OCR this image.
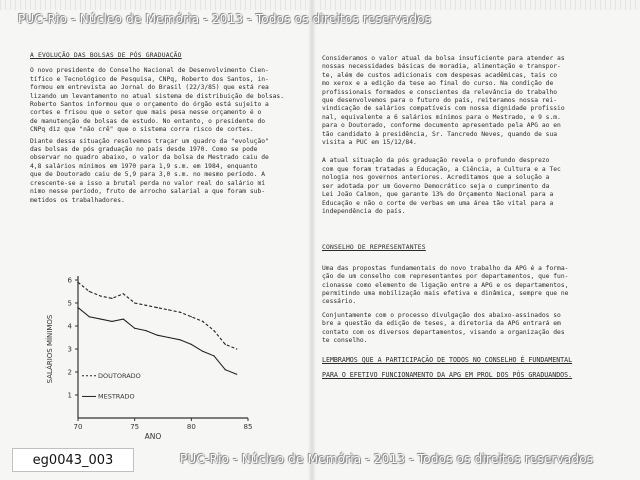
PUC-Rio - Núcleo de Memória - 2013 - Todos os direitos reservados

A EVOLUÇÃO DAS BOLSAS DE PÓS GRADUAÇÃO

O novo presidente do Conselho Nacional de Desenvolvimento Cien-

tífico e Tecnológico de Pesquisa, CNPq, Roberto dos Santos, in-

formou em entrevista ao Jornal do Brasil (22/3/85) que está rea

lizando um levantamento no atual sistema de distribuição de bolsas.

Roberto Santos informou que o orçamento do órgão está sujeito a

cortes e frisou que o setor que mais pesa nesse orçamento é o

de manutenção de bolsas de estudo. No entanto, o presidente do

CNPq diz que "não crê" que o sistema corra risco de cortes.

Diante dessa situação resolvemos traçar um quadro da "evolução"

das bolsas de pós graduação no país desde 1970. Como se pode

observar no quadro abaixo, o valor da bolsa de Mestrado caiu de

4,8 salários mínimos em 1970 para 1,9 s.m. em 1984, enquanto

que de Doutorado caiu de 5,9 para 3,0 s.m. no mesmo período. A

crescente-se a isso a brutal perda no valor real do salário mí

nimo nesse período, fruto de arrocho salarial a que foram sub-

metidos os trabalhadores.

1
2
3
4
5
6
70	75	80	85
ANO
SALÁRIOS MÍNIMOS	DOUTORADO
MESTRADO

Consideramos o valor atual da bolsa insuficiente para atender as

nossas necessidades básicas de moradia, alimentação e transpor-

te, além de custos adicionais com despesas acadêmicas, tais co

mo xerox e a edição da tese ao final do curso. Na condição de

profissionais formados e conscientes da relevância do trabalho

que desenvolvemos para o futuro do país, reiteramos nossa rei-

vindicação de salários compatíveis com nossa dignidade profissio

nal, equivalente a 6 salários mínimos para o Mestrado, e 9 s.m.

para o Doutorado, conforme documento apresentado pela APG ao en

tão candidato à presidência, Sr. Tancredo Neves, quando de sua

visita a PUC em 15/12/84.

A atual situação da pós graduação revela o profundo desprezo

com que foram tratadas a Educação, a Ciência, a Cultura e a Tec

nologia nos governos anteriores. Acreditamos que a solução a

ser adotada por um Governo Democrático seja o cumprimento da

Lei João Calmon, que garante 13% do Orçamento Nacional para a

Educação e não o corte de verbas em uma área tão vital para a

independência do país.

CONSELHO DE REPRESENTANTES

Uma das propostas fundamentais do novo trabalho da APG é a forma-

ção de um conselho com representantes por departamentos, que fun-

cionasse como elemento de ligação entre a APG e os departamentos,

permitindo uma mobilização mais efetiva e dinâmica, sempre que ne

cessário.

Conjuntamente com o processo divulgação dos abaixo-assinados so

bre a questão da edição de teses, a diretoria da APG entrará em

contato com os diversos departamentos, visando a organização des

te conselho.

LEMBRAMOS QUE A PARTICIPAÇÃO DE TODOS NO CONSELHO É FUNDAMENTAL

PARA O EFETIVO FUNCIONAMENTO DA APG EM PROL DOS PÓS GRADUANDOS.

eg0043_003	PUC-Rio - Núcleo de Memória - 2013 - Todos os direitos reservados
